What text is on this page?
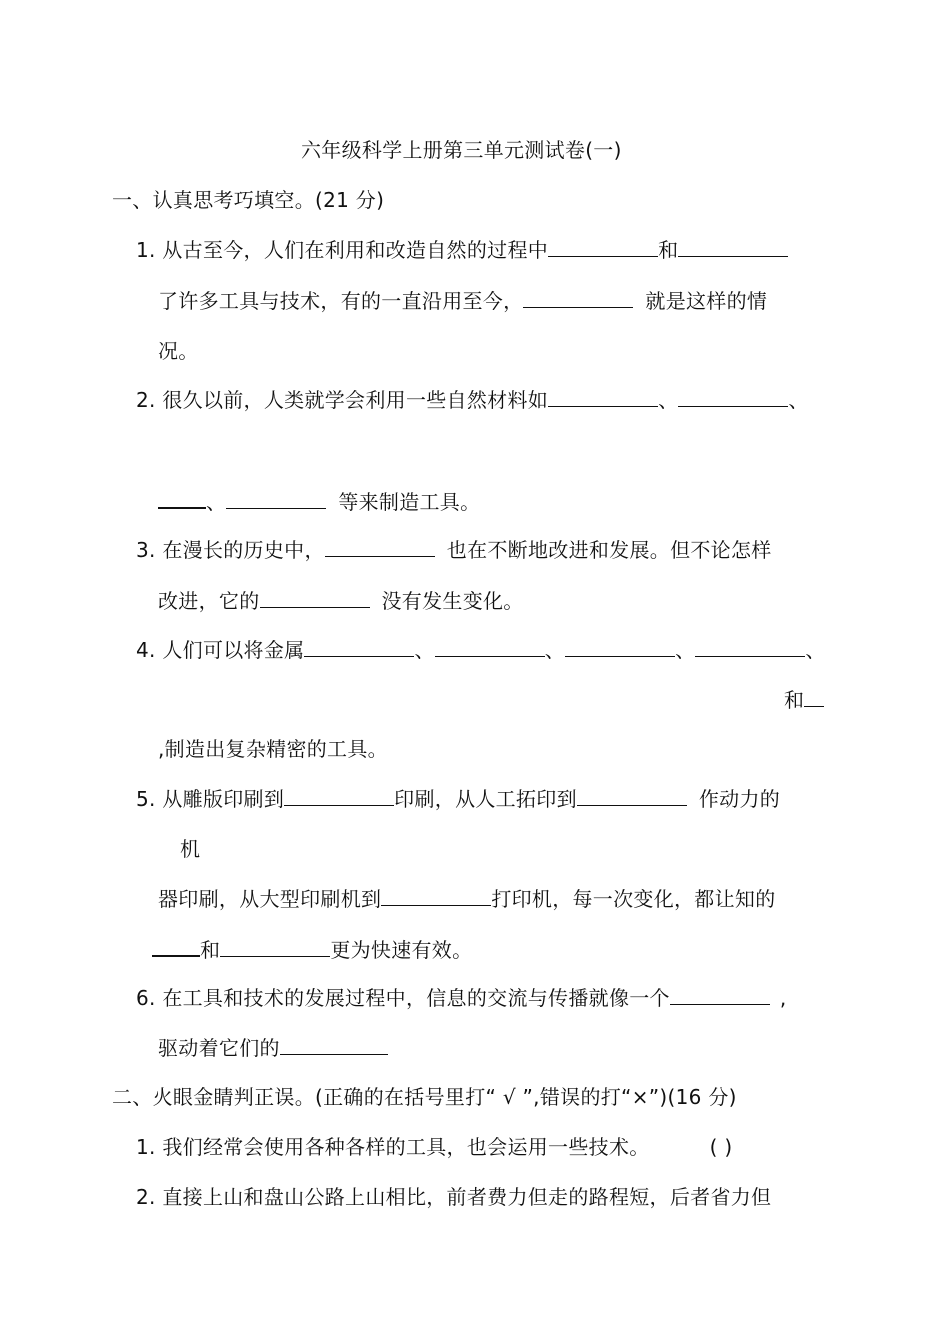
六年级科学上册第三单元测试卷(一)
一、认真思考巧填空。(21 分)
1. 从古至今，人们在利用和改造自然的过程中	和
了许多工具与技术，有的一直沿用至今，	就是这样的情
况。
2. 很久以前，人类就学会利用一些自然材料如	、	、
、	等来制造工具。
3. 在漫长的历史中，	也在不断地改进和发展。但不论怎样
改进，它的	没有发生变化。
4. 人们可以将金属	、	、	、	、
和
,制造出复杂精密的工具。
5. 从雕版印刷到	印刷，从人工拓印到	作动力的
机
器印刷，从大型印刷机到	打印机，每一次变化，都让知的
和	更为快速有效。
6. 在工具和技术的发展过程中，信息的交流与传播就像一个	,
驱动着它们的
二、火眼金睛判正误。(正确的在括号里打“ √ ”,错误的打“×”)(16 分)
1. 我们经常会使用各种各样的工具，也会运用一些技术。	( )
2. 直接上山和盘山公路上山相比，前者费力但走的路程短，后者省力但
